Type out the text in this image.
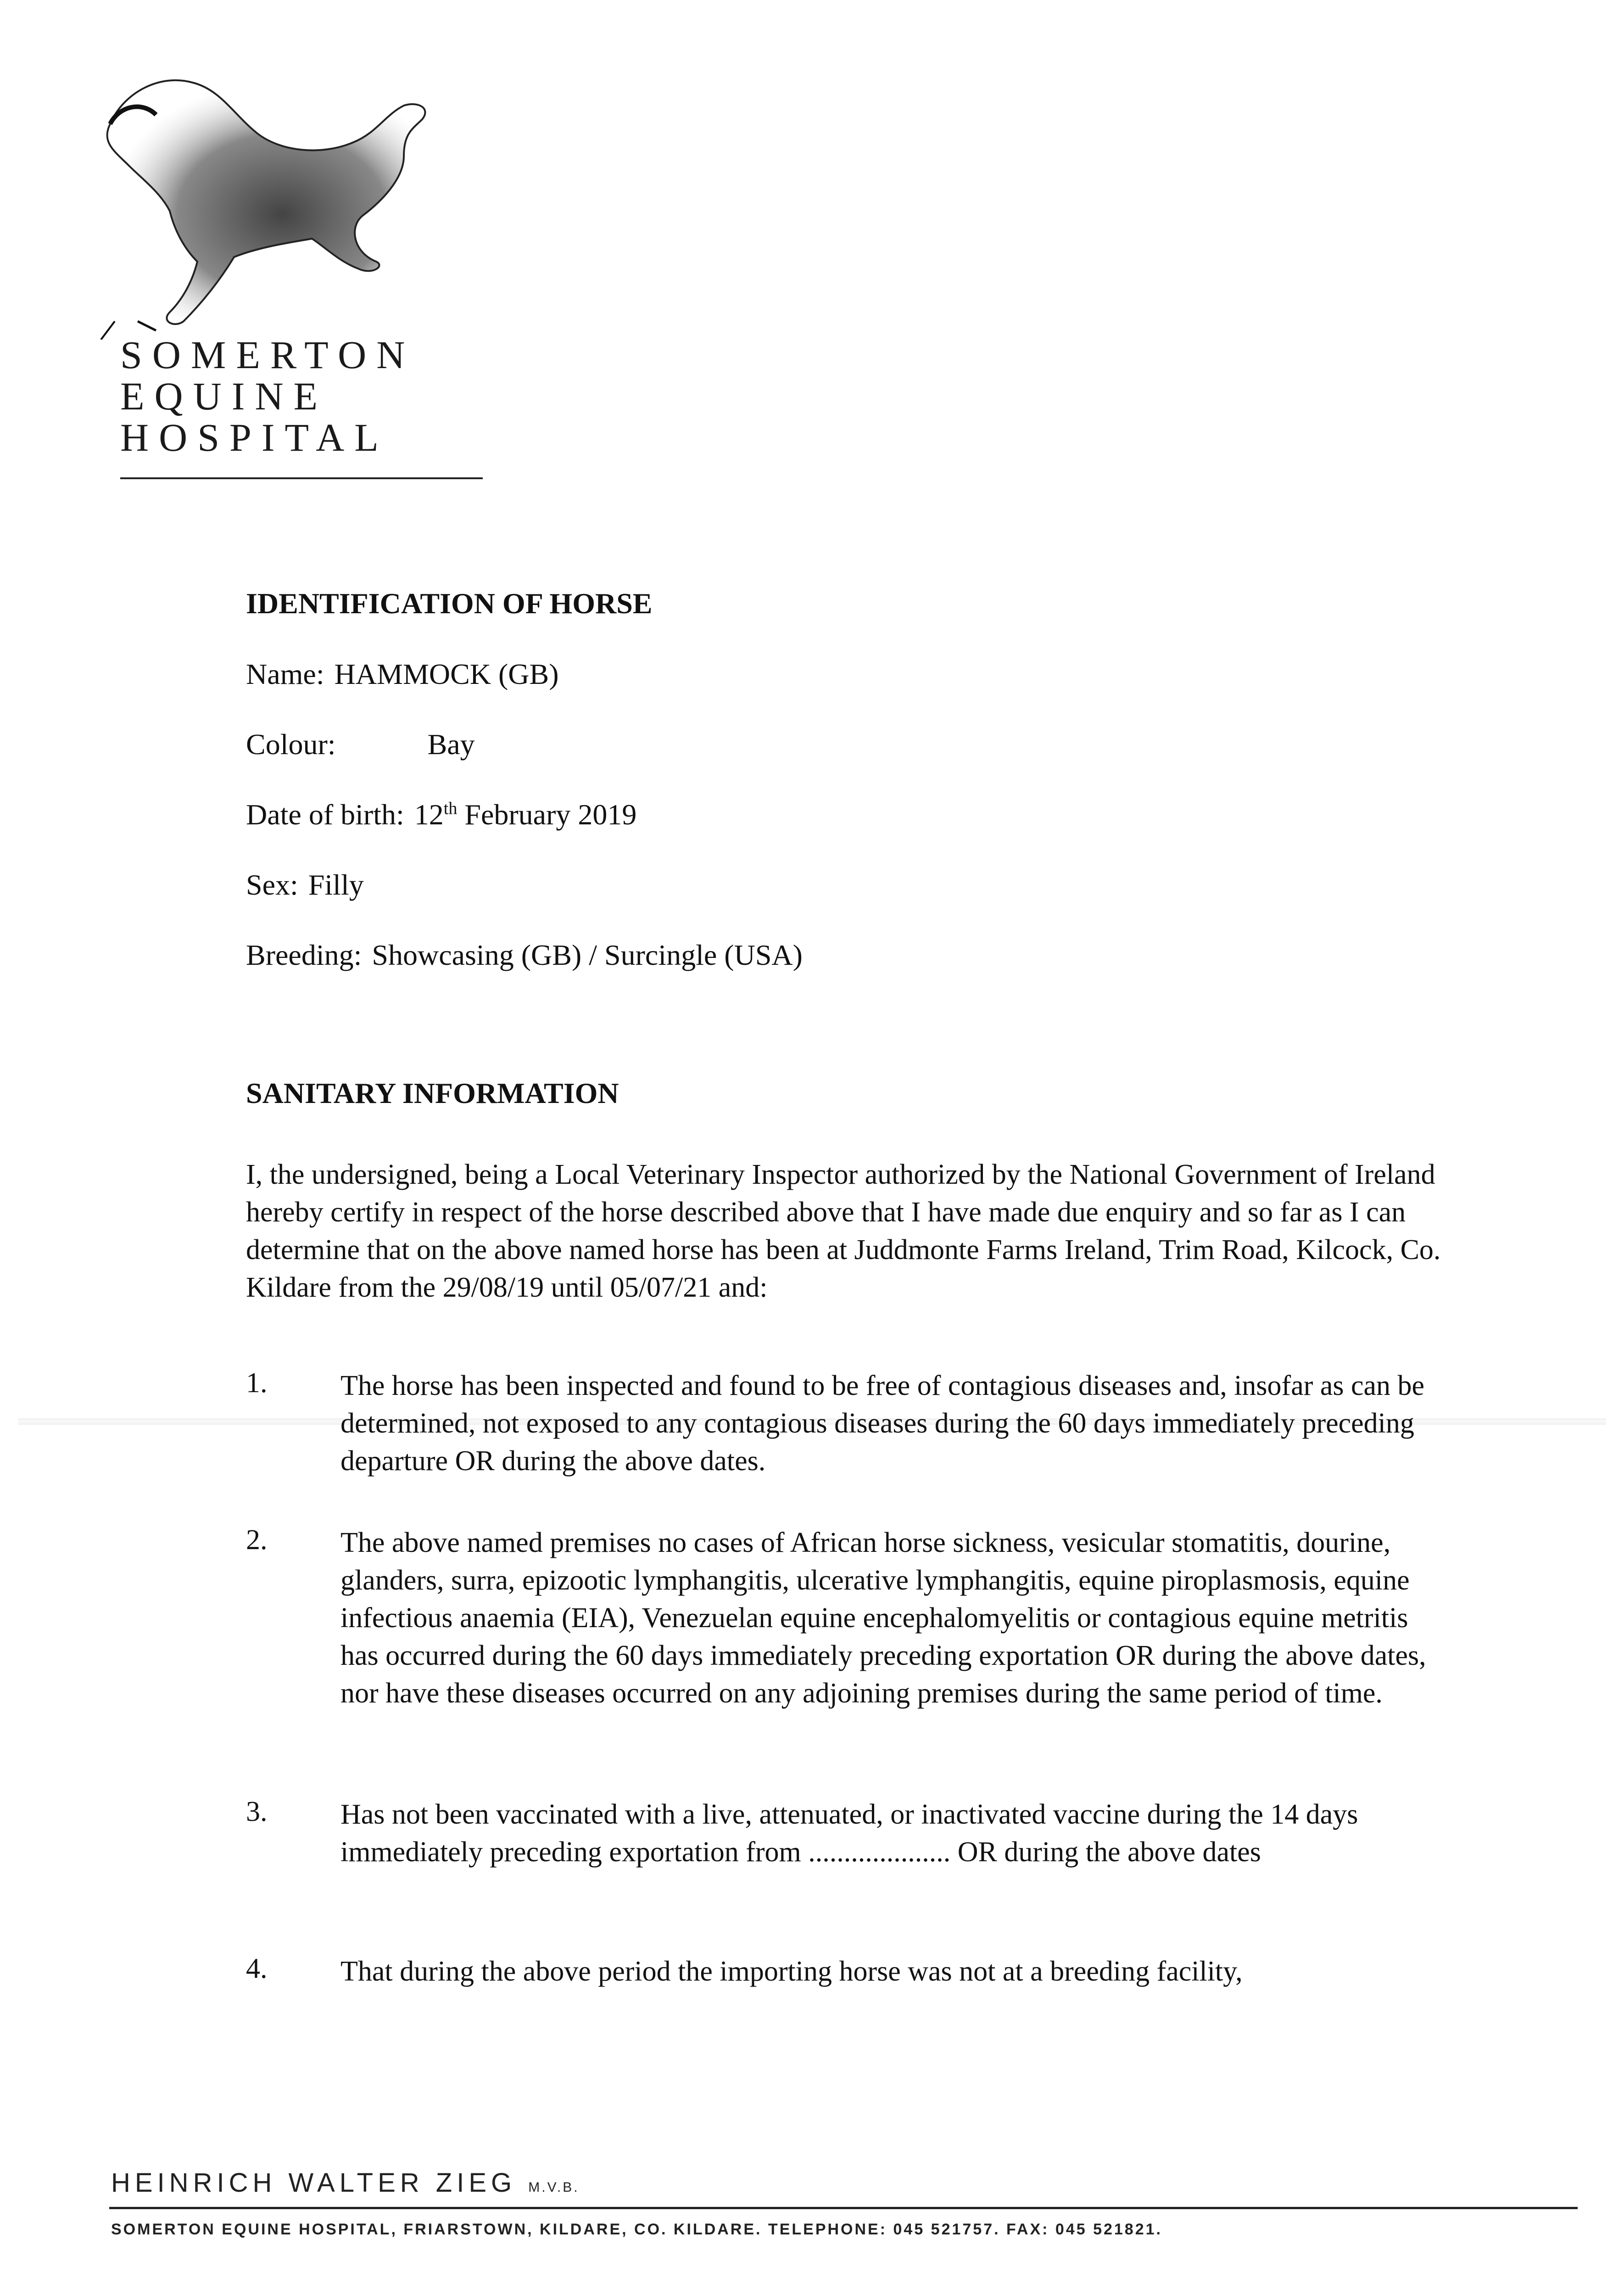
SOMERTON
EQUINE
HOSPITAL
IDENTIFICATION OF HORSE
Name: HAMMOCK (GB)
Colour:	Bay
Date of birth: 12th February 2019
Sex: Filly
Breeding: Showcasing (GB) / Surcingle (USA)
SANITARY INFORMATION
I, the undersigned, being a Local Veterinary Inspector authorized by the National Government of Ireland hereby certify in respect of the horse described above that I have made due enquiry and so far as I can determine that on the above named horse has been at Juddmonte Farms Ireland, Trim Road, Kilcock, Co. Kildare from the 29/08/19 until 05/07/21 and:
1.	The horse has been inspected and found to be free of contagious diseases and, insofar as can be determined, not exposed to any contagious diseases during the 60 days immediately preceding departure OR during the above dates.
2.	The above named premises no cases of African horse sickness, vesicular stomatitis, dourine, glanders, surra, epizootic lymphangitis, ulcerative lymphangitis, equine piroplasmosis, equine infectious anaemia (EIA), Venezuelan equine encephalomyelitis or contagious equine metritis has occurred during the 60 days immediately preceding exportation OR during the above dates, nor have these diseases occurred on any adjoining premises during the same period of time.
3.	Has not been vaccinated with a live, attenuated, or inactivated vaccine during the 14 days immediately preceding exportation from .................... OR during the above dates
4.	That during the above period the importing horse was not at a breeding facility,
HEINRICH WALTER ZIEG M.V.B.
SOMERTON EQUINE HOSPITAL, FRIARSTOWN, KILDARE, CO. KILDARE. TELEPHONE: 045 521757. FAX: 045 521821.
